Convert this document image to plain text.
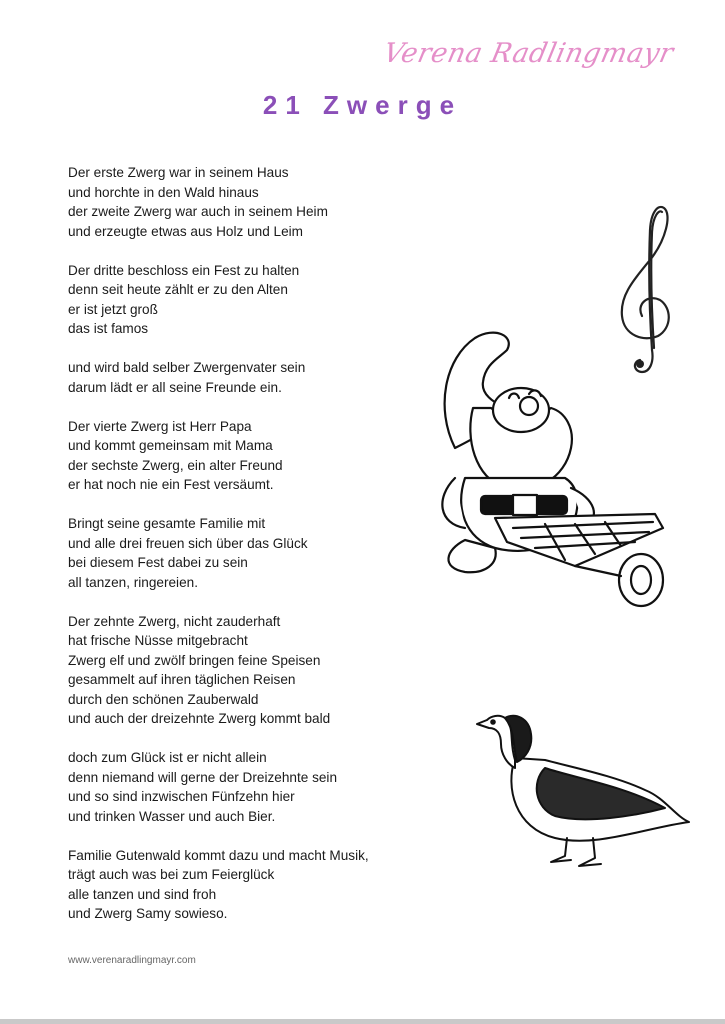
Verena Radlingmayr
21 Zwerge
Der erste Zwerg war in seinem Haus
und horchte in den Wald hinaus
der zweite Zwerg war auch in seinem Heim
und erzeugte etwas aus Holz und Leim
Der dritte beschloss ein Fest zu halten
denn seit heute zählt er zu den Alten
er ist jetzt groß
das ist famos
und wird bald selber Zwergenvater sein
darum lädt er all seine Freunde ein.
Der vierte Zwerg ist Herr Papa
und kommt gemeinsam mit Mama
der sechste Zwerg, ein alter Freund
er hat noch nie ein Fest versäumt.
Bringt seine gesamte Familie mit
und alle drei freuen sich über das Glück
bei diesem Fest dabei zu sein
all tanzen, ringereien.
Der zehnte Zwerg, nicht zauderhaft
hat frische Nüsse mitgebracht
Zwerg elf und zwölf bringen feine Speisen
gesammelt auf ihren täglichen Reisen
durch den schönen Zauberwald
und auch der dreizehnte Zwerg kommt bald
doch zum Glück ist er nicht allein
denn niemand will gerne der Dreizehnte sein
und so sind inzwischen Fünfzehn hier
und trinken Wasser und auch Bier.
Familie Gutenwald kommt dazu und macht Musik,
trägt auch was bei zum Feierglück
alle tanzen und sind froh
und Zwerg Samy sowieso.
www.verenaradlingmayr.com
